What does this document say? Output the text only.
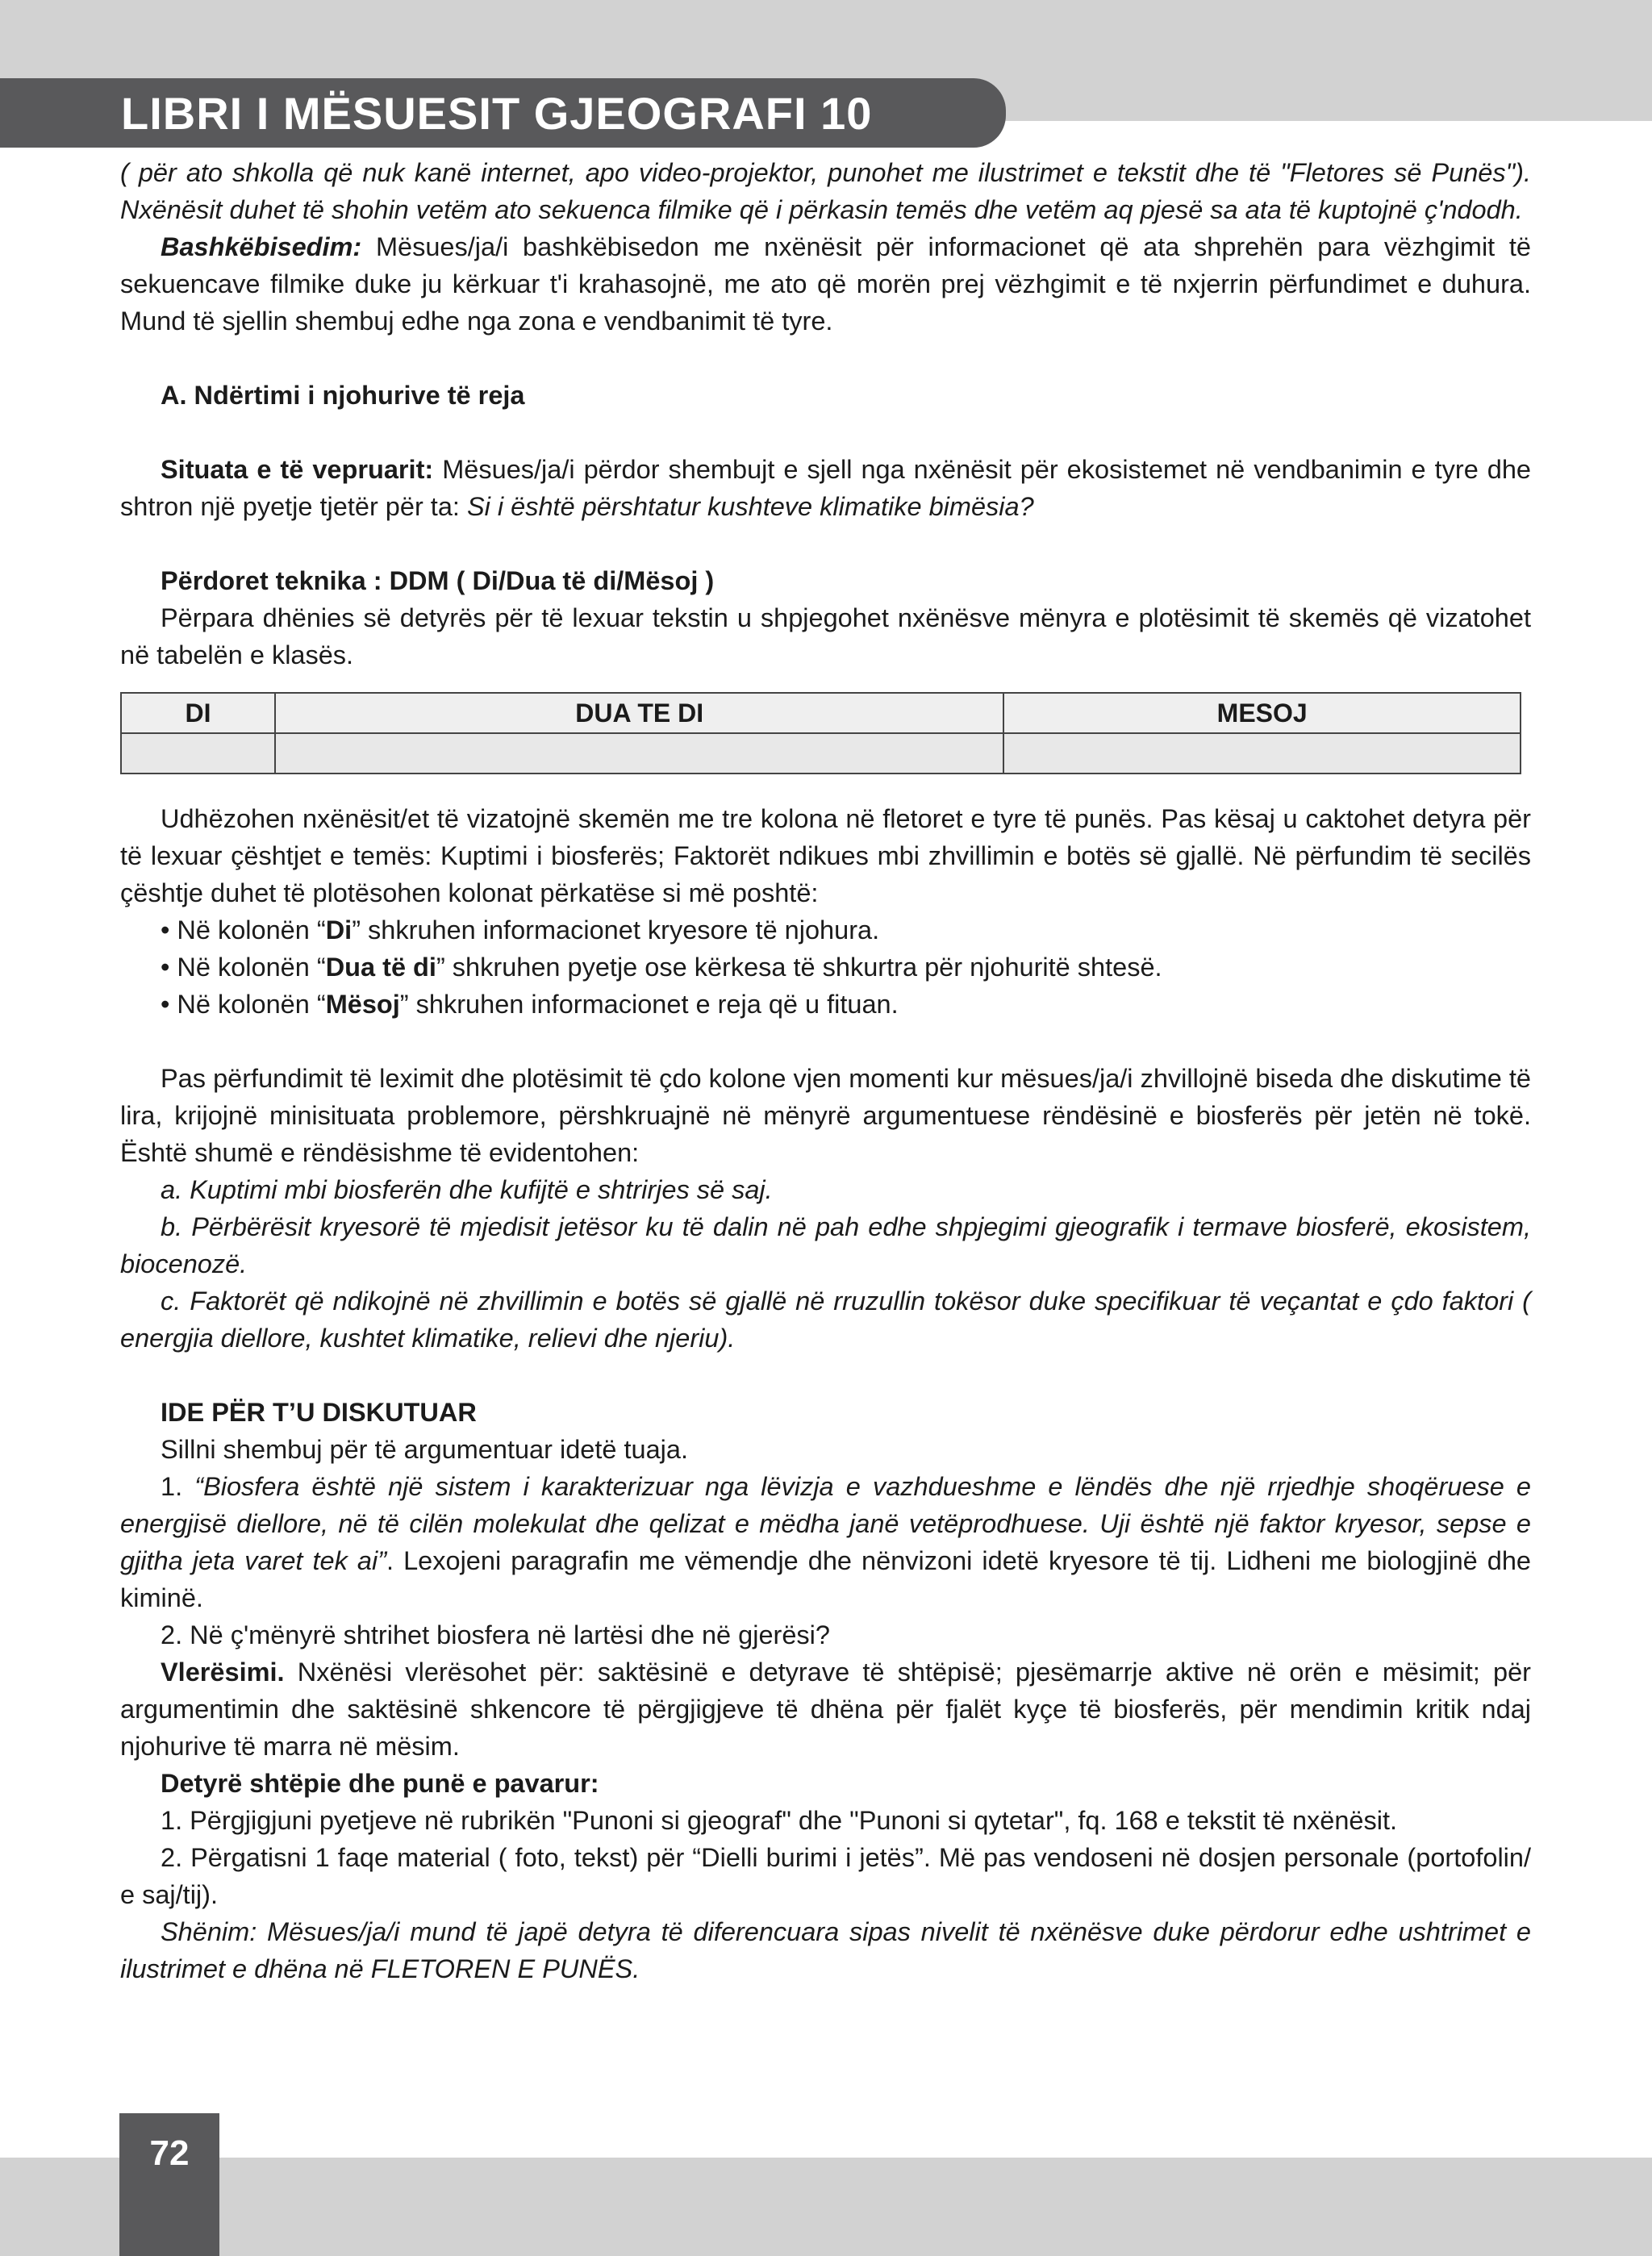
LIBRI I MËSUESIT GJEOGRAFI 10

( për ato shkolla që nuk kanë internet, apo video-projektor, punohet me ilustrimet e tekstit dhe të "Fletores së Punës"). Nxënësit duhet të shohin vetëm ato sekuenca filmike që i përkasin temës dhe vetëm aq pjesë sa ata të kuptojnë ç'ndodh.

Bashkëbisedim: Mësues/ja/i bashkëbisedon me nxënësit për informacionet që ata shprehën para vëzhgimit të sekuencave filmike duke ju kërkuar t'i krahasojnë, me ato që morën prej vëzhgimit e të nxjerrin përfundimet e duhura. Mund të sjellin shembuj edhe nga zona e vendbanimit të tyre.

A. Ndërtimi i njohurive të reja

Situata e të vepruarit: Mësues/ja/i përdor shembujt e sjell nga nxënësit për ekosistemet në vendbanimin e tyre dhe shtron një pyetje tjetër për ta: Si i është përshtatur kushteve klimatike bimësia?

Përdoret teknika : DDM ( Di/Dua të di/Mësoj )

Përpara dhënies së detyrës për të lexuar tekstin u shpjegohet nxënësve mënyra e plotësimit të skemës që vizatohet në tabelën e klasës.

DI	DUA TE DI	MESOJ

Udhëzohen nxënësit/et të vizatojnë skemën me tre kolona në fletoret e tyre të punës. Pas kësaj u caktohet detyra për të lexuar çështjet e temës: Kuptimi i biosferës; Faktorët ndikues mbi zhvillimin e botës së gjallë. Në përfundim të secilës çështje duhet të plotësohen kolonat përkatëse si më poshtë:

• Në kolonën “Di” shkruhen informacionet kryesore të njohura.

• Në kolonën “Dua të di” shkruhen pyetje ose kërkesa të shkurtra për njohuritë shtesë.

• Në kolonën “Mësoj” shkruhen informacionet e reja që u fituan.

Pas përfundimit të leximit dhe plotësimit të çdo kolone vjen momenti kur mësues/ja/i zhvillojnë biseda dhe diskutime të lira, krijojnë minisituata problemore, përshkruajnë në mënyrë argumentuese rëndësinë e biosferës për jetën në tokë. Është shumë e rëndësishme të evidentohen:

a. Kuptimi mbi biosferën dhe kufijtë e shtrirjes së saj.

b. Përbërësit kryesorë të mjedisit jetësor ku të dalin në pah edhe shpjegimi gjeografik i termave biosferë, ekosistem, biocenozë.

c. Faktorët që ndikojnë në zhvillimin e botës së gjallë në rruzullin tokësor duke specifikuar të veçantat e çdo faktori ( energjia diellore, kushtet klimatike, relievi dhe njeriu).

IDE PËR T’U DISKUTUAR

Sillni shembuj për të argumentuar idetë tuaja.

1. “Biosfera është një sistem i karakterizuar nga lëvizja e vazhdueshme e lëndës dhe një rrjedhje shoqëruese e energjisë diellore, në të cilën molekulat dhe qelizat e mëdha janë vetëprodhuese. Uji është një faktor kryesor, sepse e gjitha jeta varet tek ai”. Lexojeni paragrafin me vëmendje dhe nënvizoni idetë kryesore të tij. Lidheni me biologjinë dhe kiminë.

2. Në ç'mënyrë shtrihet biosfera në lartësi dhe në gjerësi?

Vlerësimi. Nxënësi vlerësohet për: saktësinë e detyrave të shtëpisë; pjesëmarrje aktive në orën e mësimit; për argumentimin dhe saktësinë shkencore të përgjigjeve të dhëna për fjalët kyçe të biosferës, për mendimin kritik ndaj njohurive të marra në mësim.

Detyrë shtëpie dhe punë e pavarur:

1. Përgjigjuni pyetjeve në rubrikën "Punoni si gjeograf" dhe "Punoni si qytetar", fq. 168 e tekstit të nxënësit.

2. Përgatisni 1 faqe material ( foto, tekst) për “Dielli burimi i jetës”. Më pas vendoseni në dosjen personale (portofolin/ e saj/tij).

Shënim: Mësues/ja/i mund të japë detyra të diferencuara sipas nivelit të nxënësve duke përdorur edhe ushtrimet e ilustrimet e dhëna në FLETOREN E PUNËS.

72
